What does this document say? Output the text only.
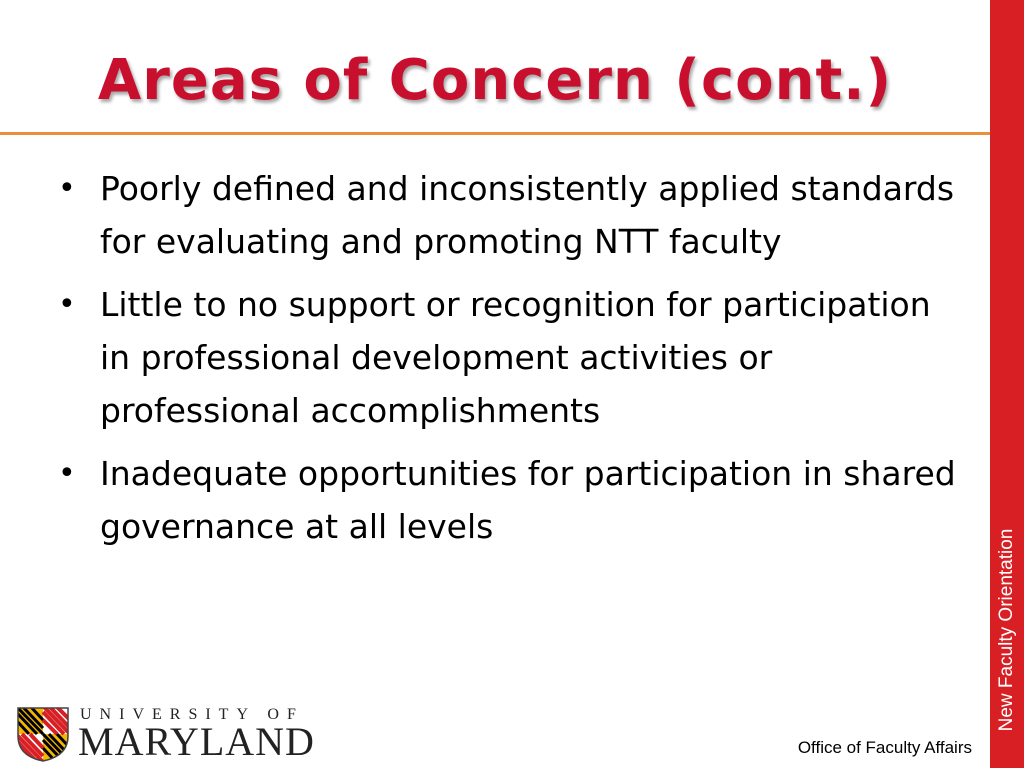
Areas of Concern (cont.)
• Poorly defined and inconsistently applied standards for evaluating and promoting NTT faculty
• Little to no support or recognition for participation in professional development activities or professional accomplishments
• Inadequate opportunities for participation in shared governance at all levels
New Faculty Orientation
UNIVERSITY OF
MARYLAND	Office of Faculty Affairs
